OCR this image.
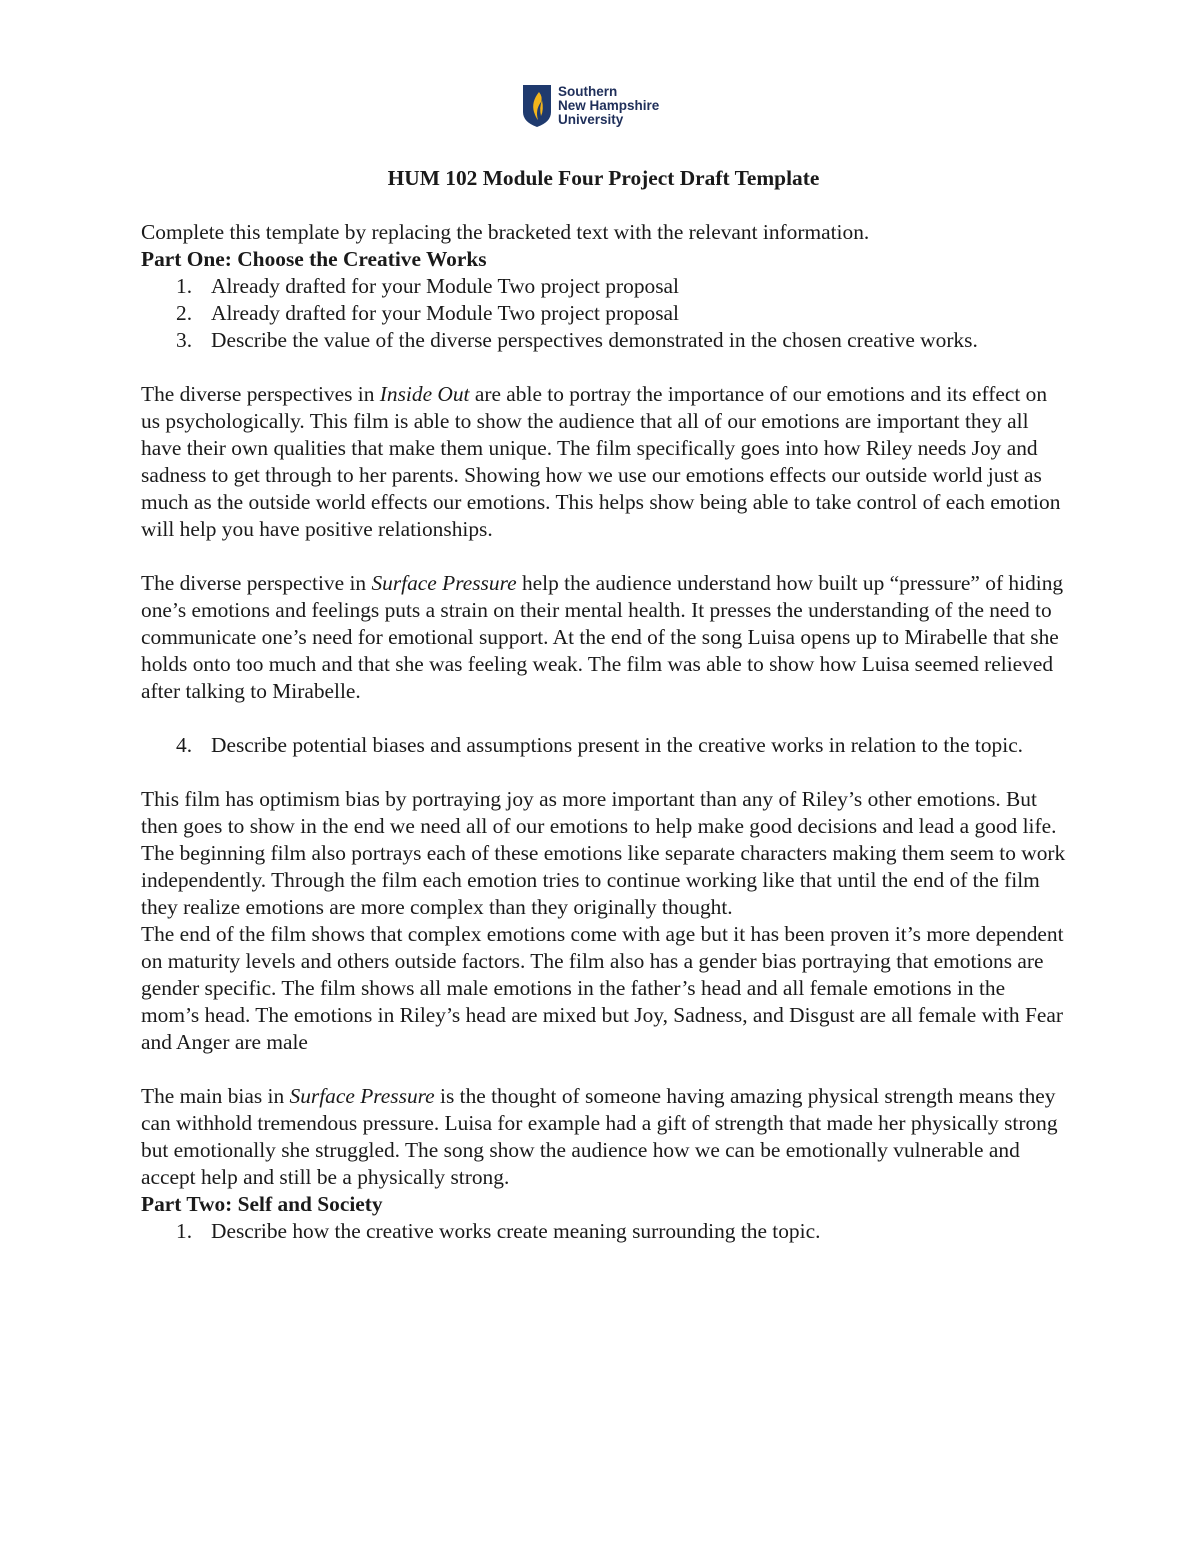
Southern
New Hampshire
University

HUM 102 Module Four Project Draft Template

Complete this template by replacing the bracketed text with the relevant information.

Part One: Choose the Creative Works

1. Already drafted for your Module Two project proposal
2. Already drafted for your Module Two project proposal
3. Describe the value of the diverse perspectives demonstrated in the chosen creative works.

The diverse perspectives in Inside Out are able to portray the importance of our emotions and its effect on us psychologically. This film is able to show the audience that all of our emotions are important they all have their own qualities that make them unique. The film specifically goes into how Riley needs Joy and sadness to get through to her parents. Showing how we use our emotions effects our outside world just as much as the outside world effects our emotions. This helps show being able to take control of each emotion will help you have positive relationships.

The diverse perspective in Surface Pressure help the audience understand how built up “pressure” of hiding one’s emotions and feelings puts a strain on their mental health. It presses the understanding of the need to communicate one’s need for emotional support. At the end of the song Luisa opens up to Mirabelle that she holds onto too much and that she was feeling weak. The film was able to show how Luisa seemed relieved after talking to Mirabelle.

4. Describe potential biases and assumptions present in the creative works in relation to the topic.

This film has optimism bias by portraying joy as more important than any of Riley’s other emotions. But then goes to show in the end we need all of our emotions to help make good decisions and lead a good life. The beginning film also portrays each of these emotions like separate characters making them seem to work independently. Through the film each emotion tries to continue working like that until the end of the film they realize emotions are more complex than they originally thought.

The end of the film shows that complex emotions come with age but it has been proven it’s more dependent on maturity levels and others outside factors. The film also has a gender bias portraying that emotions are gender specific. The film shows all male emotions in the father’s head and all female emotions in the mom’s head. The emotions in Riley’s head are mixed but Joy, Sadness, and Disgust are all female with Fear and Anger are male

The main bias in Surface Pressure is the thought of someone having amazing physical strength means they can withhold tremendous pressure. Luisa for example had a gift of strength that made her physically strong but emotionally she struggled. The song show the audience how we can be emotionally vulnerable and accept help and still be a physically strong.

Part Two: Self and Society

1. Describe how the creative works create meaning surrounding the topic.
